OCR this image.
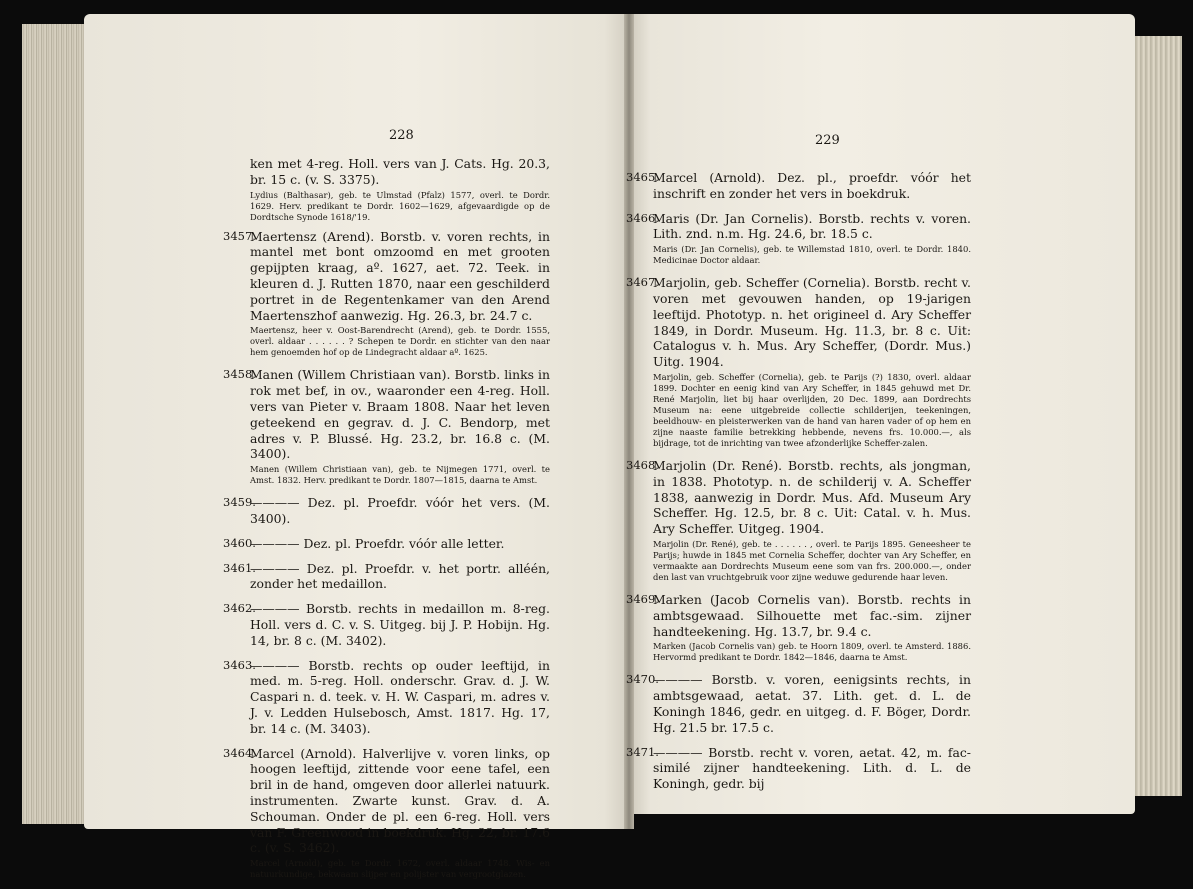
228	229
ken met 4-reg. Holl. vers van J. Cats. Hg. 20.3, br. 15 c. (v. S. 3375).
Lydius (Balthasar), geb. te Ulmstad (Pfalz) 1577, overl. te Dordr. 1629. Herv. predikant te Dordr. 1602—1629, afgevaardigde op de Dordtsche Synode 1618/'19.
3457.
Maertensz (Arend). Borstb. v. voren rechts, in mantel met bont omzoomd en met grooten gepijpten kraag, aº. 1627, aet. 72. Teek. in kleuren d. J. Rutten 1870, naar een geschilderd portret in de Regentenkamer van den Arend Maertenszhof aanwezig. Hg. 26.3, br. 24.7 c.
Maertensz, heer v. Oost-Barendrecht (Arend), geb. te Dordr. 1555, overl. aldaar . . . . . . ? Schepen te Dordr. en stichter van den naar hem genoemden hof op de Lindegracht aldaar aº. 1625.
3458.
Manen (Willem Christiaan van). Borstb. links in rok met bef, in ov., waaronder een 4-reg. Holl. vers van Pieter v. Braam 1808. Naar het leven geteekend en gegrav. d. J. C. Bendorp, met adres v. P. Blussé. Hg. 23.2, br. 16.8 c. (M. 3400).
Manen (Willem Christiaan van), geb. te Nijmegen 1771, overl. te Amst. 1832. Herv. predikant te Dordr. 1807—1815, daarna te Amst.
3459.
———— Dez. pl. Proefdr. vóór het vers. (M. 3400).
3460.
———— Dez. pl. Proefdr. vóór alle letter.
3461.
———— Dez. pl. Proefdr. v. het portr. alléén, zonder het medaillon.
3462.
———— Borstb. rechts in medaillon m. 8-reg. Holl. vers d. C. v. S. Uitgeg. bij J. P. Hobijn. Hg. 14, br. 8 c. (M. 3402).
3463.
———— Borstb. rechts op ouder leeftijd, in med. m. 5-reg. Holl. onderschr. Grav. d. J. W. Caspari n. d. teek. v. H. W. Caspari, m. adres v. J. v. Ledden Hulsebosch, Amst. 1817. Hg. 17, br. 14 c. (M. 3403).
3464.
Marcel (Arnold). Halverlijve v. voren links, op hoogen leeftijd, zittende voor eene tafel, een bril in de hand, omgeven door allerlei natuurk. instrumenten. Zwarte kunst. Grav. d. A. Schouman. Onder de pl. een 6-reg. Holl. vers van F. Greenwood in boekdruk. Hg. 22, br. 17.6 c. (v. S. 3462).
Marcel (Arnold), geb. te Dordr. 1672, overl. aldaar 1748. Wis- en natuurkundige, bekwaam slijper en polijster van vergrootglazen.
3465.
Marcel (Arnold). Dez. pl., proefdr. vóór het inschrift en zonder het vers in boekdruk.
3466.
Maris (Dr. Jan Cornelis). Borstb. rechts v. voren. Lith. znd. n.m. Hg. 24.6, br. 18.5 c.
Maris (Dr. Jan Cornelis), geb. te Willemstad 1810, overl. te Dordr. 1840. Medicinae Doctor aldaar.
3467.
Marjolin, geb. Scheffer (Cornelia). Borstb. recht v. voren met gevouwen handen, op 19-jarigen leeftijd. Phototyp. n. het origineel d. Ary Scheffer 1849, in Dordr. Museum. Hg. 11.3, br. 8 c. Uit: Catalogus v. h. Mus. Ary Scheffer, (Dordr. Mus.) Uitg. 1904.
Marjolin, geb. Scheffer (Cornelia), geb. te Parijs (?) 1830, overl. aldaar 1899. Dochter en eenig kind van Ary Scheffer, in 1845 gehuwd met Dr. René Marjolin, liet bij haar overlijden, 20 Dec. 1899, aan Dordrechts Museum na: eene uitgebreide collectie schilderijen, teekeningen, beeldhouw- en pleisterwerken van de hand van haren vader of op hem en zijne naaste familie betrekking hebbende, nevens frs. 10.000.—, als bijdrage, tot de inrichting van twee afzonderlijke Scheffer-zalen.
3468.
Marjolin (Dr. René). Borstb. rechts, als jongman, in 1838. Phototyp. n. de schilderij v. A. Scheffer 1838, aanwezig in Dordr. Mus. Afd. Museum Ary Scheffer. Hg. 12.5, br. 8 c. Uit: Catal. v. h. Mus. Ary Scheffer. Uitgeg. 1904.
Marjolin (Dr. René), geb. te . . . . . . , overl. te Parijs 1895. Geneesheer te Parijs; huwde in 1845 met Cornelia Scheffer, dochter van Ary Scheffer, en vermaakte aan Dordrechts Museum eene som van frs. 200.000.—, onder den last van vruchtgebruik voor zijne weduwe gedurende haar leven.
3469.
Marken (Jacob Cornelis van). Borstb. rechts in ambtsgewaad. Silhouette met fac.-sim. zijner handteekening. Hg. 13.7, br. 9.4 c.
Marken (Jacob Cornelis van) geb. te Hoorn 1809, overl. te Amsterd. 1886. Hervormd predikant te Dordr. 1842—1846, daarna te Amst.
3470.
———— Borstb. v. voren, eenigsints rechts, in ambtsgewaad, aetat. 37. Lith. get. d. L. de Koningh 1846, gedr. en uitgeg. d. F. Böger, Dordr. Hg. 21.5 br. 17.5 c.
3471.
———— Borstb. recht v. voren, aetat. 42, m. fac-similé zijner handteekening. Lith. d. L. de Koningh, gedr. bij
